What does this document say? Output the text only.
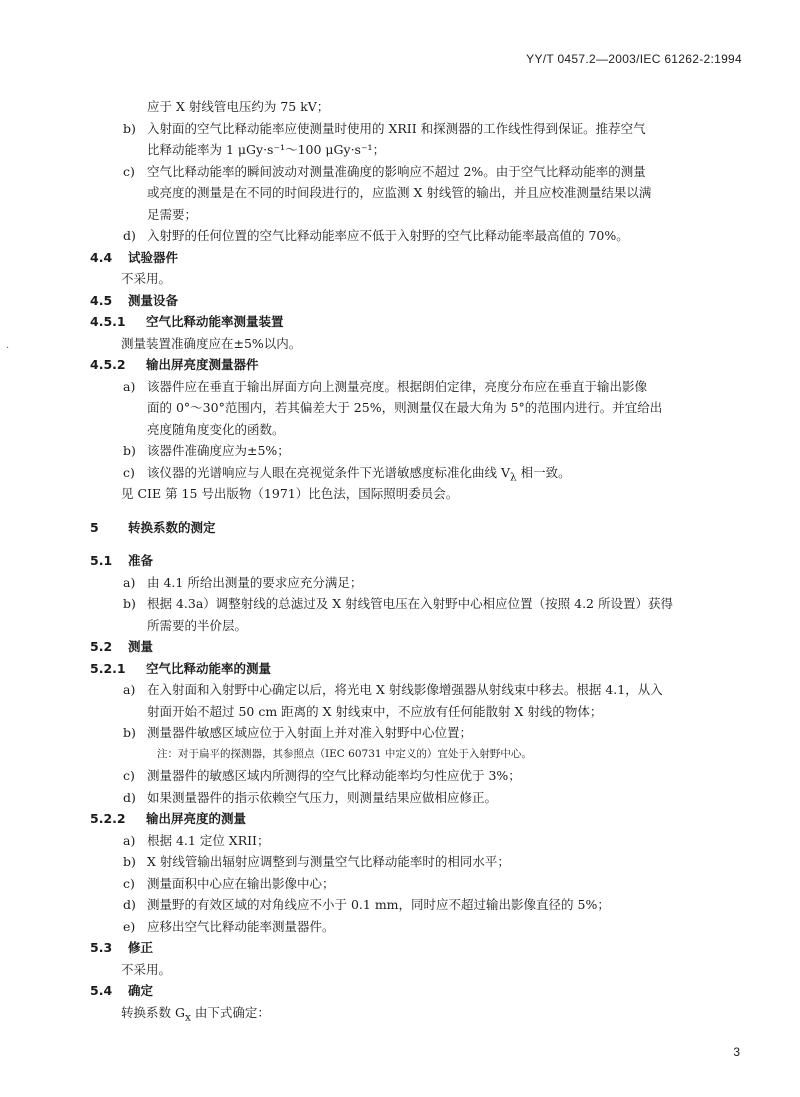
YY/T 0457.2—2003/IEC 61262-2:1994
·
应于 X 射线管电压约为 75 kV；
b) 入射面的空气比释动能率应使测量时使用的 XRII 和探测器的工作线性得到保证。推荐空气
比释动能率为 1 μGy·s⁻¹～100 μGy·s⁻¹；
c) 空气比释动能率的瞬间波动对测量准确度的影响应不超过 2%。由于空气比释动能率的测量
或亮度的测量是在不同的时间段进行的，应监测 X 射线管的输出，并且应校准测量结果以满
足需要；
d) 入射野的任何位置的空气比释动能率应不低于入射野的空气比释动能率最高值的 70%。
4.4 试验器件
不采用。
4.5 测量设备
4.5.1 空气比释动能率测量装置
测量装置准确度应在±5%以内。
4.5.2 输出屏亮度测量器件
a) 该器件应在垂直于输出屏面方向上测量亮度。根据朗伯定律，亮度分布应在垂直于输出影像
面的 0°～30°范围内，若其偏差大于 25%，则测量仅在最大角为 5°的范围内进行。并宜给出
亮度随角度变化的函数。
b) 该器件准确度应为±5%；
c) 该仪器的光谱响应与人眼在亮视觉条件下光谱敏感度标准化曲线 $V_\lambda$ 相一致。
见 CIE 第 15 号出版物（1971）比色法，国际照明委员会。
5 转换系数的测定
5.1 准备
a) 由 4.1 所给出测量的要求应充分满足；
b) 根据 4.3a）调整射线的总滤过及 X 射线管电压在入射野中心相应位置（按照 4.2 所设置）获得
所需要的半价层。
5.2 测量
5.2.1 空气比释动能率的测量
a) 在入射面和入射野中心确定以后，将光电 X 射线影像增强器从射线束中移去。根据 4.1，从入
射面开始不超过 50 cm 距离的 X 射线束中，不应放有任何能散射 X 射线的物体；
b) 测量器件敏感区域应位于入射面上并对准入射野中心位置；
注：对于扁平的探测器，其参照点（IEC 60731 中定义的）宜处于入射野中心。
c) 测量器件的敏感区域内所测得的空气比释动能率均匀性应优于 3%；
d) 如果测量器件的指示依赖空气压力，则测量结果应做相应修正。
5.2.2 输出屏亮度的测量
a) 根据 4.1 定位 XRII；
b) X 射线管输出辐射应调整到与测量空气比释动能率时的相同水平；
c) 测量面积中心应在输出影像中心；
d) 测量野的有效区域的对角线应不小于 0.1 mm，同时应不超过输出影像直径的 5%；
e) 应移出空气比释动能率测量器件。
5.3 修正
不采用。
5.4 确定
转换系数 $G_x$ 由下式确定：
3
